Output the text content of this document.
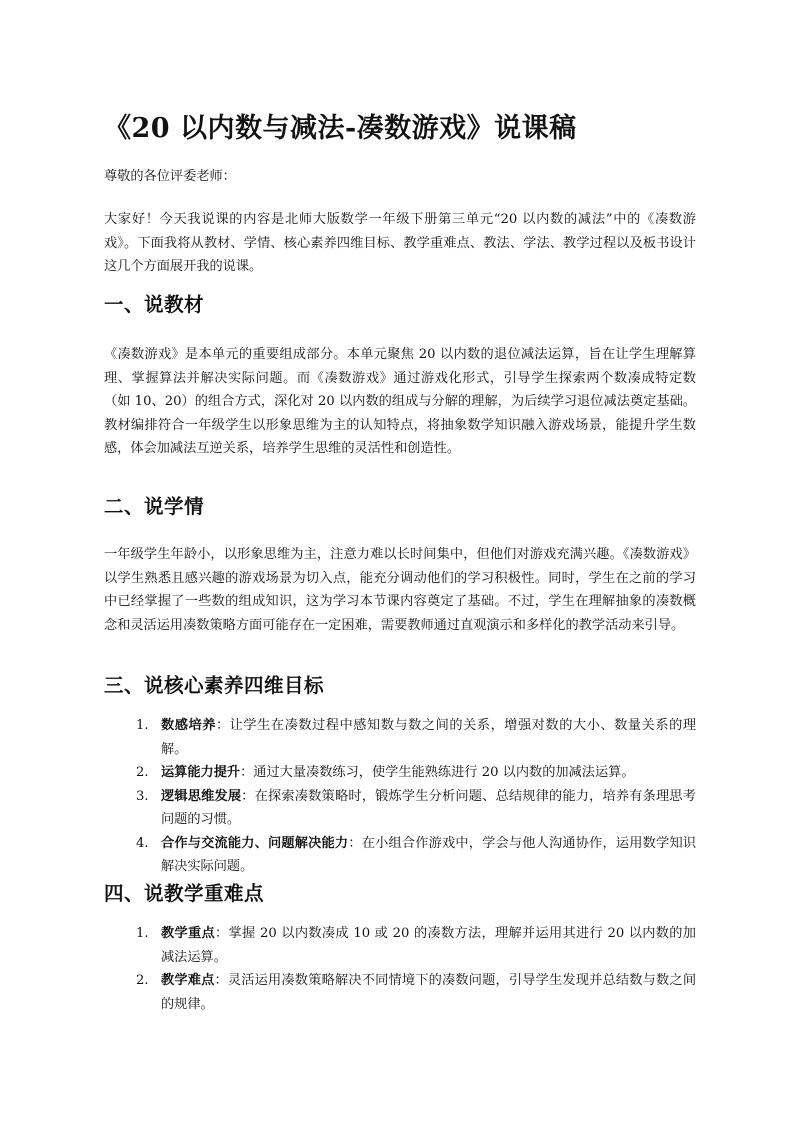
《20 以内数与减法-凑数游戏》说课稿

尊敬的各位评委老师：

大家好！今天我说课的内容是北师大版数学一年级下册第三单元“20 以内数的减法”中的《凑数游戏》。下面我将从教材、学情、核心素养四维目标、教学重难点、教法、学法、教学过程以及板书设计这几个方面展开我的说课。

一、说教材

《凑数游戏》是本单元的重要组成部分。本单元聚焦 20 以内数的退位减法运算，旨在让学生理解算理、掌握算法并解决实际问题。而《凑数游戏》通过游戏化形式，引导学生探索两个数凑成特定数（如 10、20）的组合方式，深化对 20 以内数的组成与分解的理解，为后续学习退位减法奠定基础。教材编排符合一年级学生以形象思维为主的认知特点，将抽象数学知识融入游戏场景，能提升学生数感，体会加减法互逆关系，培养学生思维的灵活性和创造性。

二、说学情

一年级学生年龄小，以形象思维为主，注意力难以长时间集中，但他们对游戏充满兴趣。《凑数游戏》以学生熟悉且感兴趣的游戏场景为切入点，能充分调动他们的学习积极性。同时，学生在之前的学习中已经掌握了一些数的组成知识，这为学习本节课内容奠定了基础。不过，学生在理解抽象的凑数概念和灵活运用凑数策略方面可能存在一定困难，需要教师通过直观演示和多样化的教学活动来引导。

三、说核心素养四维目标
1. 数感培养：让学生在凑数过程中感知数与数之间的关系，增强对数的大小、数量关系的理解。
2. 运算能力提升：通过大量凑数练习，使学生能熟练进行 20 以内数的加减法运算。
3. 逻辑思维发展：在探索凑数策略时，锻炼学生分析问题、总结规律的能力，培养有条理思考问题的习惯。
4. 合作与交流能力、问题解决能力：在小组合作游戏中，学会与他人沟通协作，运用数学知识解决实际问题。
四、说教学重难点
1. 教学重点：掌握 20 以内数凑成 10 或 20 的凑数方法，理解并运用其进行 20 以内数的加减法运算。
2. 教学难点：灵活运用凑数策略解决不同情境下的凑数问题，引导学生发现并总结数与数之间的规律。
